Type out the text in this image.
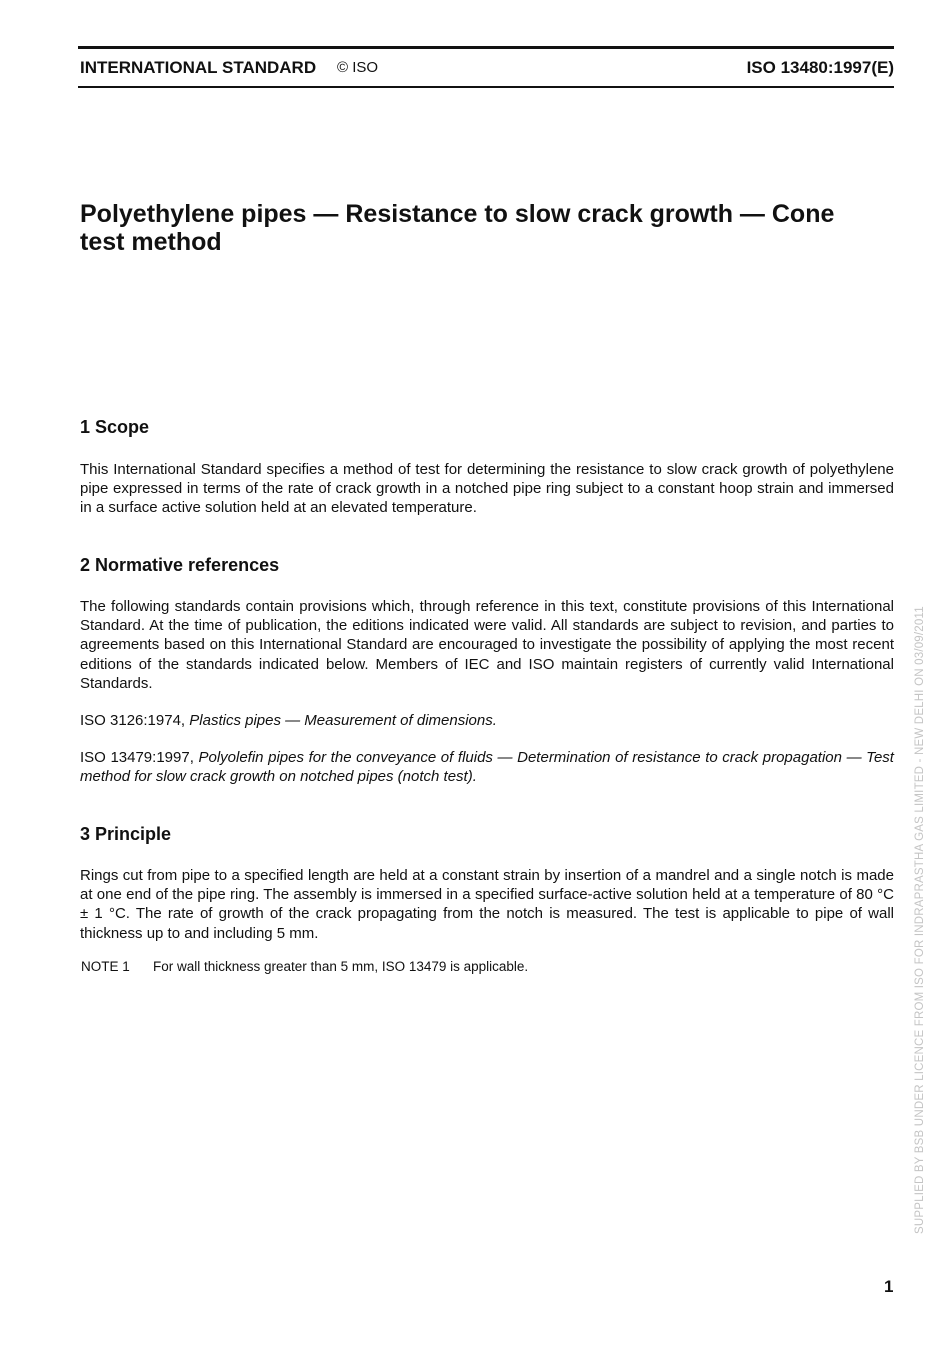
INTERNATIONAL STANDARD © ISO	ISO 13480:1997(E)
Polyethylene pipes — Resistance to slow crack growth — Cone test method
1 Scope

This International Standard specifies a method of test for determining the resistance to slow crack growth of polyethylene pipe expressed in terms of the rate of crack growth in a notched pipe ring subject to a constant hoop strain and immersed in a surface active solution held at an elevated temperature.

2 Normative references

The following standards contain provisions which, through reference in this text, constitute provisions of this International Standard. At the time of publication, the editions indicated were valid. All standards are subject to revision, and parties to agreements based on this International Standard are encouraged to investigate the possibility of applying the most recent editions of the standards indicated below. Members of IEC and ISO maintain registers of currently valid International Standards.

ISO 3126:1974, Plastics pipes — Measurement of dimensions.

ISO 13479:1997, Polyolefin pipes for the conveyance of fluids — Determination of resistance to crack propagation — Test method for slow crack growth on notched pipes (notch test).

3 Principle

Rings cut from pipe to a specified length are held at a constant strain by insertion of a mandrel and a single notch is made at one end of the pipe ring. The assembly is immersed in a specified surface-active solution held at a temperature of 80 °C ± 1 °C. The rate of growth of the crack propagating from the notch is measured. The test is applicable to pipe of wall thickness up to and including 5 mm.

NOTE 1 For wall thickness greater than 5 mm, ISO 13479 is applicable.	SUPPLIED BY BSB UNDER LICENCE FROM ISO FOR INDRAPRASTHA GAS LIMITED - NEW DELHI ON 03/09/2011
1
